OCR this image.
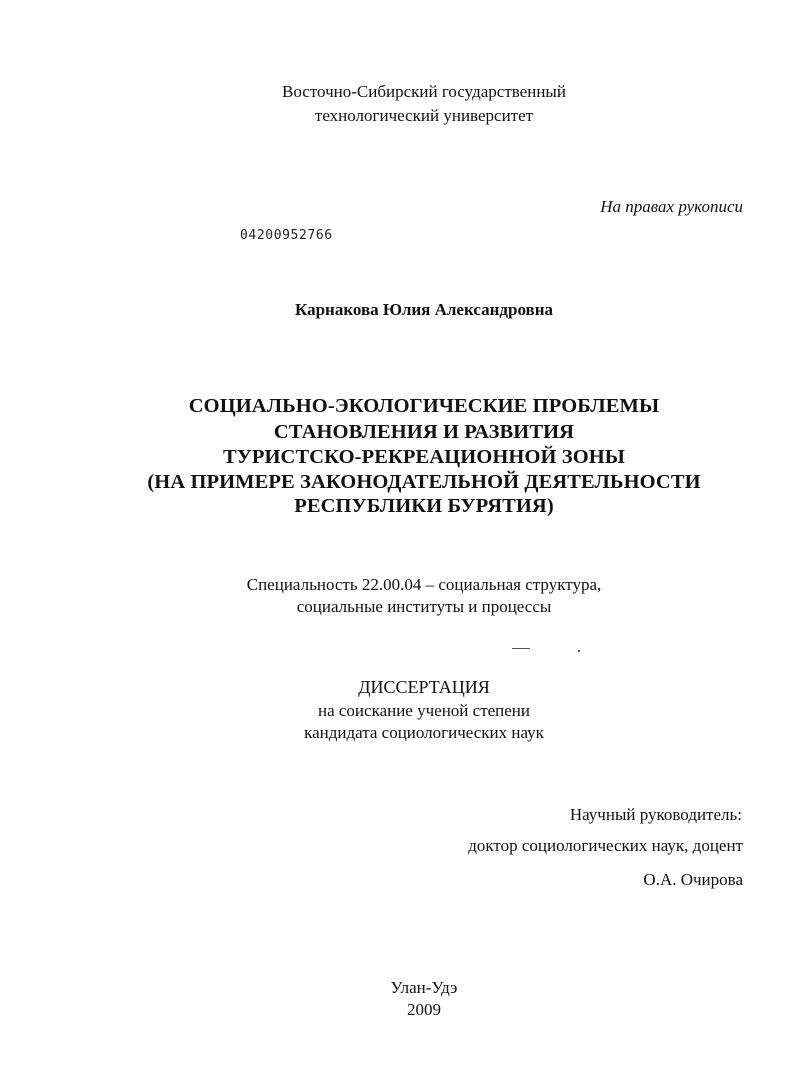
Восточно-Сибирский государственный
технологический университет
На правах рукописи
04200952766
Карнакова Юлия Александровна
СОЦИАЛЬНО-ЭКОЛОГИЧЕСКИЕ ПРОБЛЕМЫ
СТАНОВЛЕНИЯ И РАЗВИТИЯ
ТУРИСТСКО-РЕКРЕАЦИОННОЙ ЗОНЫ
(НА ПРИМЕРЕ ЗАКОНОДАТЕЛЬНОЙ ДЕЯТЕЛЬНОСТИ
РЕСПУБЛИКИ БУРЯТИЯ)
Специальность 22.00.04 – социальная структура,
социальные институты и процессы
ДИССЕРТАЦИЯ
на соискание ученой степени
кандидата социологических наук
Научный руководитель:
доктор социологических наук, доцент
О.А. Очирова
Улан-Удэ
2009
